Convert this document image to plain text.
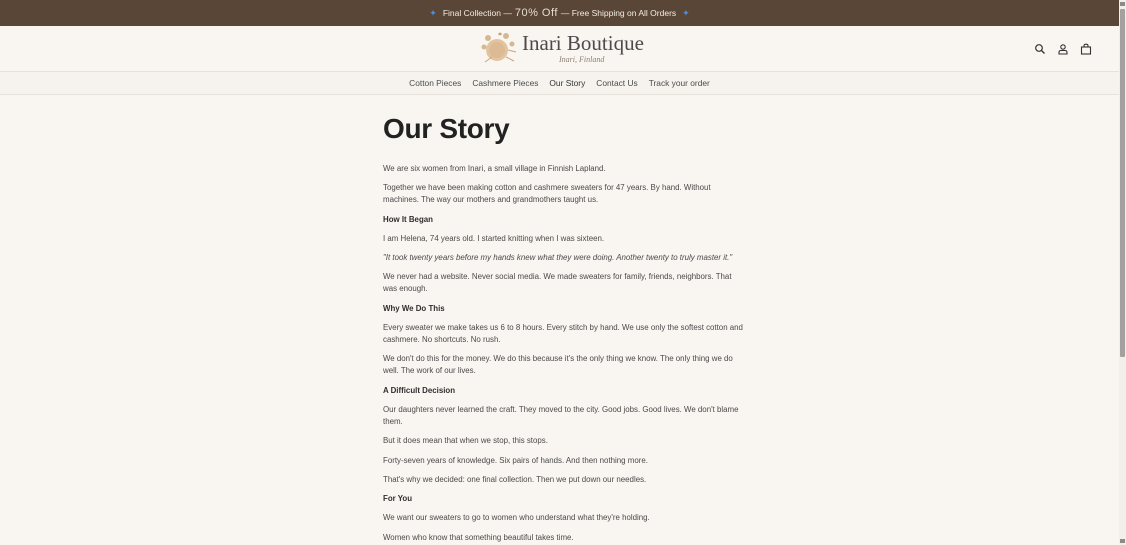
✦ Final Collection — 70% Off — Free Shipping on All Orders ✦
Inari Boutique
Inari, Finland
Cotton Pieces Cashmere Pieces Our Story Contact Us Track your order
Our Story

We are six women from Inari, a small village in Finnish Lapland.

Together we have been making cotton and cashmere sweaters for 47 years. By hand. Without machines. The way our mothers and grandmothers taught us.

How It Began

I am Helena, 74 years old. I started knitting when I was sixteen.

"It took twenty years before my hands knew what they were doing. Another twenty to truly master it."

We never had a website. Never social media. We made sweaters for family, friends, neighbors. That was enough.

Why We Do This

Every sweater we make takes us 6 to 8 hours. Every stitch by hand. We use only the softest cotton and cashmere. No shortcuts. No rush.

We don't do this for the money. We do this because it's the only thing we know. The only thing we do well. The work of our lives.

A Difficult Decision

Our daughters never learned the craft. They moved to the city. Good jobs. Good lives. We don't blame them.

But it does mean that when we stop, this stops.

Forty-seven years of knowledge. Six pairs of hands. And then nothing more.

That's why we decided: one final collection. Then we put down our needles.

For You

We want our sweaters to go to women who understand what they're holding.

Women who know that something beautiful takes time.
